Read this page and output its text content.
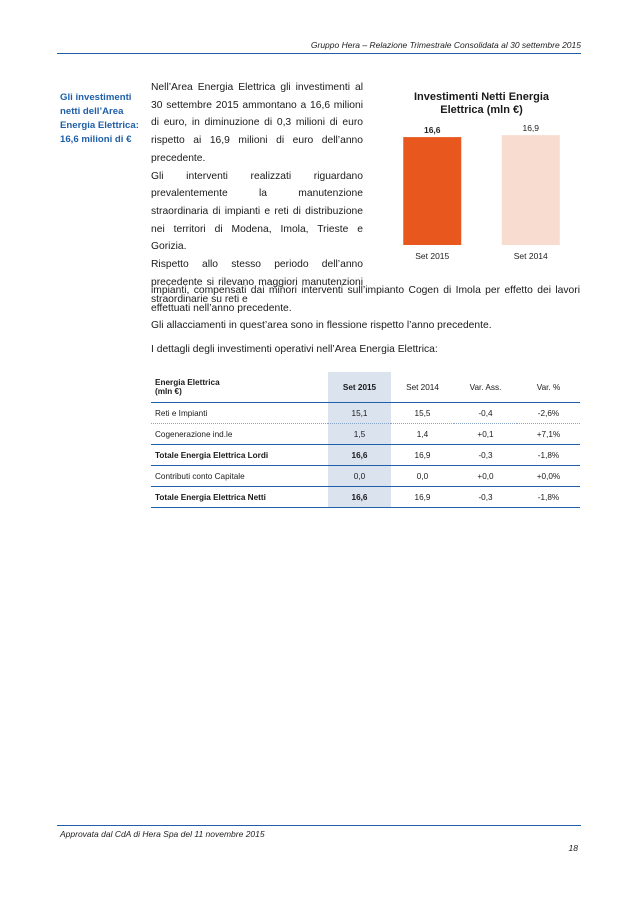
Gruppo Hera – Relazione Trimestrale Consolidata al 30 settembre 2015
Gli investimenti
netti dell’Area
Energia Elettrica:
16,6 milioni di €

Nell’Area Energia Elettrica gli investimenti al 30 settembre 2015 ammontano a 16,6 milioni di euro, in diminuzione di 0,3 milioni di euro rispetto ai 16,9 milioni di euro dell’anno precedente.

Gli interventi realizzati riguardano prevalentemente la manutenzione straordinaria di impianti e reti di distribuzione nei territori di Modena, Imola, Trieste e Gorizia.

Rispetto allo stesso periodo dell’anno precedente si rilevano maggiori manutenzioni straordinarie su reti e

Investimenti Netti Energia
Elettrica (mln €)
16,6
Set 2015
16,9
Set 2014

impianti, compensati dai minori interventi sull’impianto Cogen di Imola per effetto dei lavori effettuati nell’anno precedente.

Gli allacciamenti in quest’area sono in flessione rispetto l’anno precedente.

I dettagli degli investimenti operativi nell’Area Energia Elettrica:
Energia Elettrica
(mln €)	Set 2015	Set 2014	Var. Ass.	Var. %
Reti e Impianti	15,1	15,5	-0,4	-2,6%
Cogenerazione ind.le	1,5	1,4	+0,1	+7,1%
Totale Energia Elettrica Lordi	16,6	16,9	-0,3	-1,8%
Contributi conto Capitale	0,0	0,0	+0,0	+0,0%
Totale Energia Elettrica Netti	16,6	16,9	-0,3	-1,8%
Approvata dal CdA di Hera Spa del 11 novembre 2015
18
